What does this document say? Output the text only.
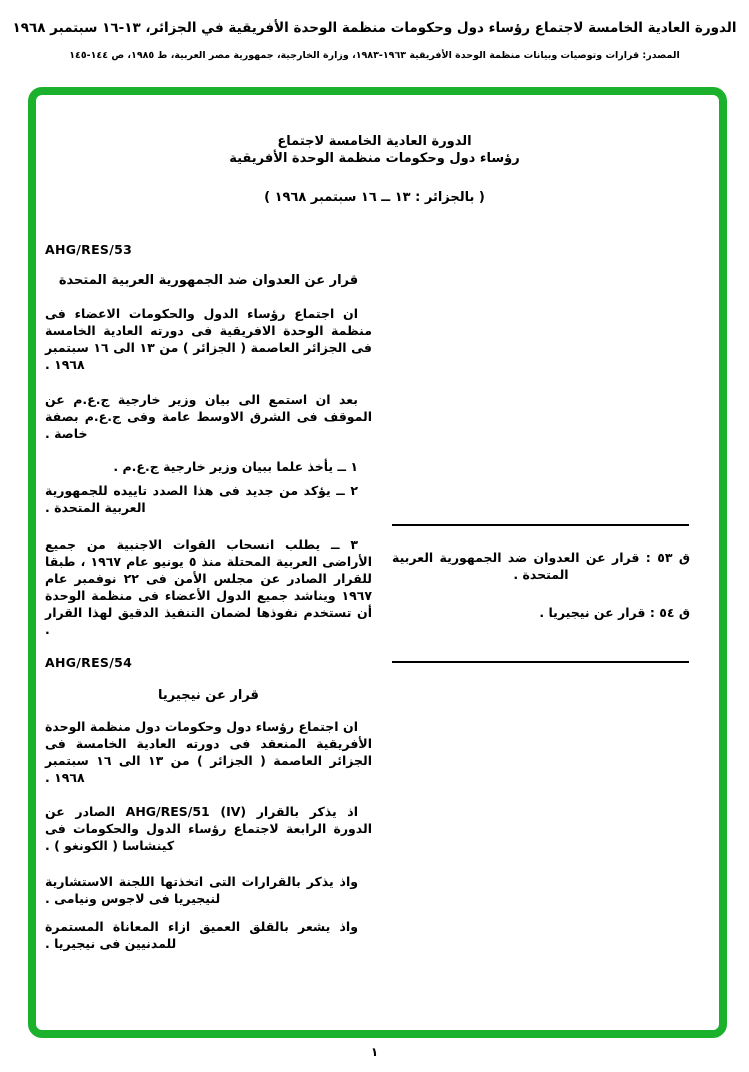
الدورة العادية الخامسة لاجتماع رؤساء دول وحكومات منظمة الوحدة الأفريقية في الجزائر، ١٣-١٦ سبتمبر ١٩٦٨
المصدر: قرارات وتوصيات وبيانات منظمة الوحدة الأفريقية ١٩٦٣-١٩٨٣، وزارة الخارجية، جمهورية مصر العربية، ط ١٩٨٥، ص ١٤٤-١٤٥
الدورة العادية الخامسة لاجتماع
رؤساء دول وحكومات منظمة الوحدة الأفريقية
( بالجزائر : ١٣ ــ ١٦ سبتمبر ١٩٦٨ )
AHG/RES/53
قرار عن العدوان ضد الجمهورية العربية المتحدة

ان اجتماع رؤساء الدول والحكومات الاعضاء فى منظمة الوحدة الافريقية فى دورته العادية الخامسة فى الجزائر العاصمة ( الجزائر ) من ١٣ الى ١٦ سبتمبر ١٩٦٨ .

بعد ان استمع الى بيان وزير خارجية ج.ع.م عن الموقف فى الشرق الاوسط عامة وفى ج.ع.م بصفة خاصة .

١ ــ يأخذ علما ببيان وزير خارجية ج.ع.م .

٢ ــ يؤكد من جديد فى هذا الصدد تاييده للجمهورية العربية المتحدة .

٣ ــ يطلب انسحاب القوات الاجنبية من جميع الأراضى العربية المحتلة منذ ٥ يونيو عام ١٩٦٧ ، طبقا للقرار الصادر عن مجلس الأمن فى ٢٢ نوفمبر عام ١٩٦٧ ويناشد جميع الدول الأعضاء فى منظمة الوحدة أن تستخدم نفوذها لضمان التنفيذ الدقيق لهذا القرار .

AHG/RES/54
قرار عن نيجيريا

ان اجتماع رؤساء دول وحكومات دول منظمة الوحدة الأفريقية المنعقد فى دورته العادية الخامسة فى الجزائر العاصمة ( الجزائر ) من ١٣ الى ١٦ سبتمبر ١٩٦٨ .

اذ يذكر بالقرار AHG/RES/51 (IV) الصادر عن الدورة الرابعة لاجتماع رؤساء الدول والحكومات فى كينشاسا ( الكونغو ) .

واذ يذكر بالقرارات التى اتخذتها اللجنة الاستشارية لنيجيريا فى لاجوس ونيامى .

واذ يشعر بالقلق العميق ازاء المعاناة المستمرة للمدنيين فى نيجيريا .

ق ٥٣ : قرار عن العدوان ضد الجمهورية العربية المتحدة .

ق ٥٤ : قرار عن نيجيريا .

١
